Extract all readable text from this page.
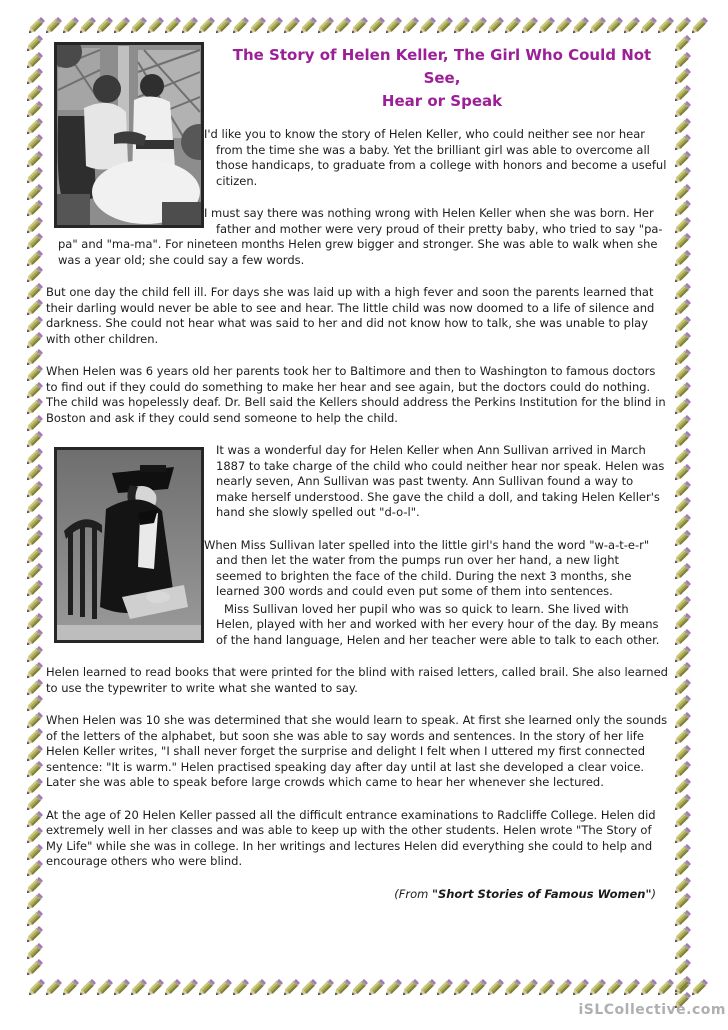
The Story of Helen Keller, The Girl Who Could Not See,
Hear or Speak

I'd like you to know the story of Helen Keller, who could neither see nor hear from the time she was a baby. Yet the brilliant girl was able to overcome all those handicaps, to graduate from a college with honors and become a useful citizen.

I must say there was nothing wrong with Helen Keller when she was born. Her father and mother were very proud of their pretty baby, who tried to say "pa-pa" and "ma-ma". For nineteen months Helen grew bigger and stronger. She was able to walk when she was a year old; she could say a few words.

But one day the child fell ill. For days she was laid up with a high fever and soon the parents learned that their darling would never be able to see and hear. The little child was now doomed to a life of silence and darkness. She could not hear what was said to her and did not know how to talk, she was unable to play with other children.

When Helen was 6 years old her parents took her to Baltimore and then to Washington to famous doctors to find out if they could do something to make her hear and see again, but the doctors could do nothing. The child was hopelessly deaf. Dr. Bell said the Kellers should address the Perkins Institution for the blind in Boston and ask if they could send someone to help the child.

It was a wonderful day for Helen Keller when Ann Sullivan arrived in March 1887 to take charge of the child who could neither hear nor speak. Helen was nearly seven, Ann Sullivan was past twenty. Ann Sullivan found a way to make herself understood. She gave the child a doll, and taking Helen Keller's hand she slowly spelled out "d-o-l".

When Miss Sullivan later spelled into the little girl's hand the word "w-a-t-e-r" and then let the water from the pumps run over her hand, a new light seemed to brighten the face of the child. During the next 3 months, she learned 300 words and could even put some of them into sentences.

Miss Sullivan loved her pupil who was so quick to learn. She lived with Helen, played with her and worked with her every hour of the day. By means of the hand language, Helen and her teacher were able to talk to each other.

Helen learned to read books that were printed for the blind with raised letters, called brail. She also learned to use the typewriter to write what she wanted to say.

When Helen was 10 she was determined that she would learn to speak. At first she learned only the sounds of the letters of the alphabet, but soon she was able to say words and sentences. In the story of her life Helen Keller writes, "I shall never forget the surprise and delight I felt when I uttered my first connected sentence: "It is warm." Helen practised speaking day after day until at last she developed a clear voice. Later she was able to speak before large crowds which came to hear her whenever she lectured.

At the age of 20 Helen Keller passed all the difficult entrance examinations to Radcliffe College. Helen did extremely well in her classes and was able to keep up with the other students. Helen wrote "The Story of My Life" while she was in college. In her writings and lectures Helen did everything she could to help and encourage others who were blind.

(From "Short Stories of Famous Women")
iSLCollective.com
